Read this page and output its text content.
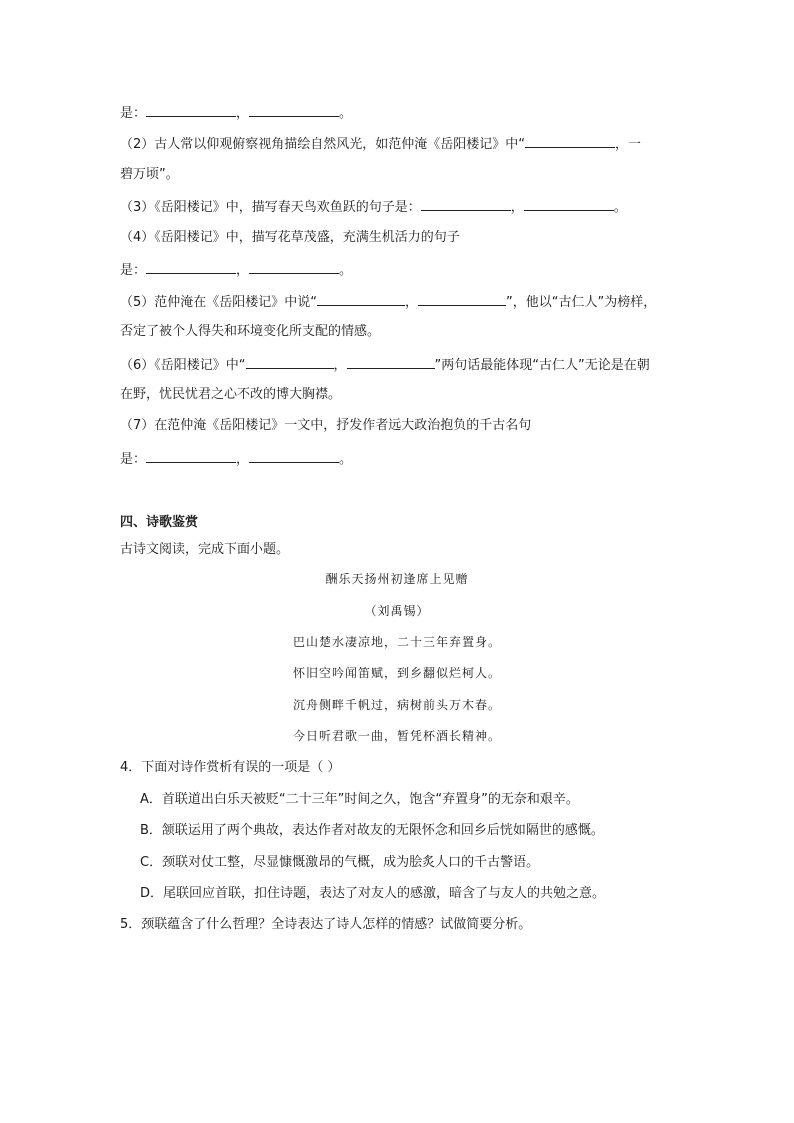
是：	，	。
（2）古人常以仰观俯察视角描绘自然风光，如范仲淹《岳阳楼记》中“	，一
碧万顷”。
（3）《岳阳楼记》中，描写春天鸟欢鱼跃的句子是：	，	。
（4）《岳阳楼记》中，描写花草茂盛，充满生机活力的句子
是：	，	。
（5）范仲淹在《岳阳楼记》中说“	，	”，他以“古仁人”为榜样，
否定了被个人得失和环境变化所支配的情感。
（6）《岳阳楼记》中“	，	”两句话最能体现“古仁人”无论是在朝
在野，忧民忧君之心不改的博大胸襟。
（7）在范仲淹《岳阳楼记》一文中，抒发作者远大政治抱负的千古名句
是：	，	。
四、诗歌鉴赏
古诗文阅读，完成下面小题。
酬乐天扬州初逢席上见赠
（刘禹锡）
巴山楚水凄凉地，二十三年弃置身。
怀旧空吟闻笛赋，到乡翻似烂柯人。
沉舟侧畔千帆过，病树前头万木春。
今日听君歌一曲，暂凭杯酒长精神。
4．下面对诗作赏析有误的一项是（ ）
A．首联道出白乐天被贬“二十三年”时间之久，饱含“弃置身”的无奈和艰辛。
B．颔联运用了两个典故，表达作者对故友的无限怀念和回乡后恍如隔世的感慨。
C．颈联对仗工整，尽显慷慨激昂的气概，成为脍炙人口的千古警语。
D．尾联回应首联，扣住诗题，表达了对友人的感激，暗含了与友人的共勉之意。
5．颈联蕴含了什么哲理？全诗表达了诗人怎样的情感？试做简要分析。
